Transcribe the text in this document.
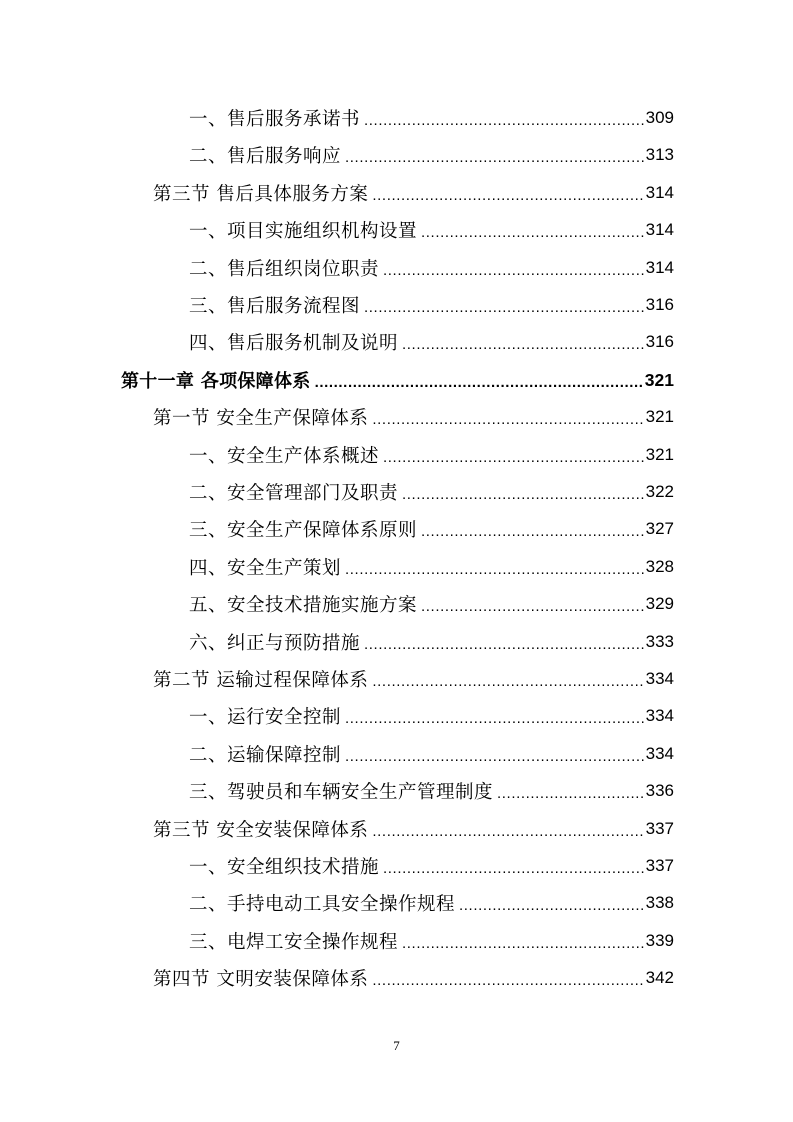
一、售后服务承诺书 .....	309
二、售后服务响应 .....	313
第三节 售后具体服务方案 .....	314
一、项目实施组织机构设置 .....	314
二、售后组织岗位职责 .....	314
三、售后服务流程图 .....	316
四、售后服务机制及说明 .....	316
第十一章 各项保障体系 .....	321
第一节 安全生产保障体系 .....	321
一、安全生产体系概述 .....	321
二、安全管理部门及职责 .....	322
三、安全生产保障体系原则 .....	327
四、安全生产策划 .....	328
五、安全技术措施实施方案 .....	329
六、纠正与预防措施 .....	333
第二节 运输过程保障体系 .....	334
一、运行安全控制 .....	334
二、运输保障控制 .....	334
三、驾驶员和车辆安全生产管理制度 .....	336
第三节 安全安装保障体系 .....	337
一、安全组织技术措施 .....	337
二、手持电动工具安全操作规程 .....	338
三、电焊工安全操作规程 .....	339
第四节 文明安装保障体系 .....	342
7
